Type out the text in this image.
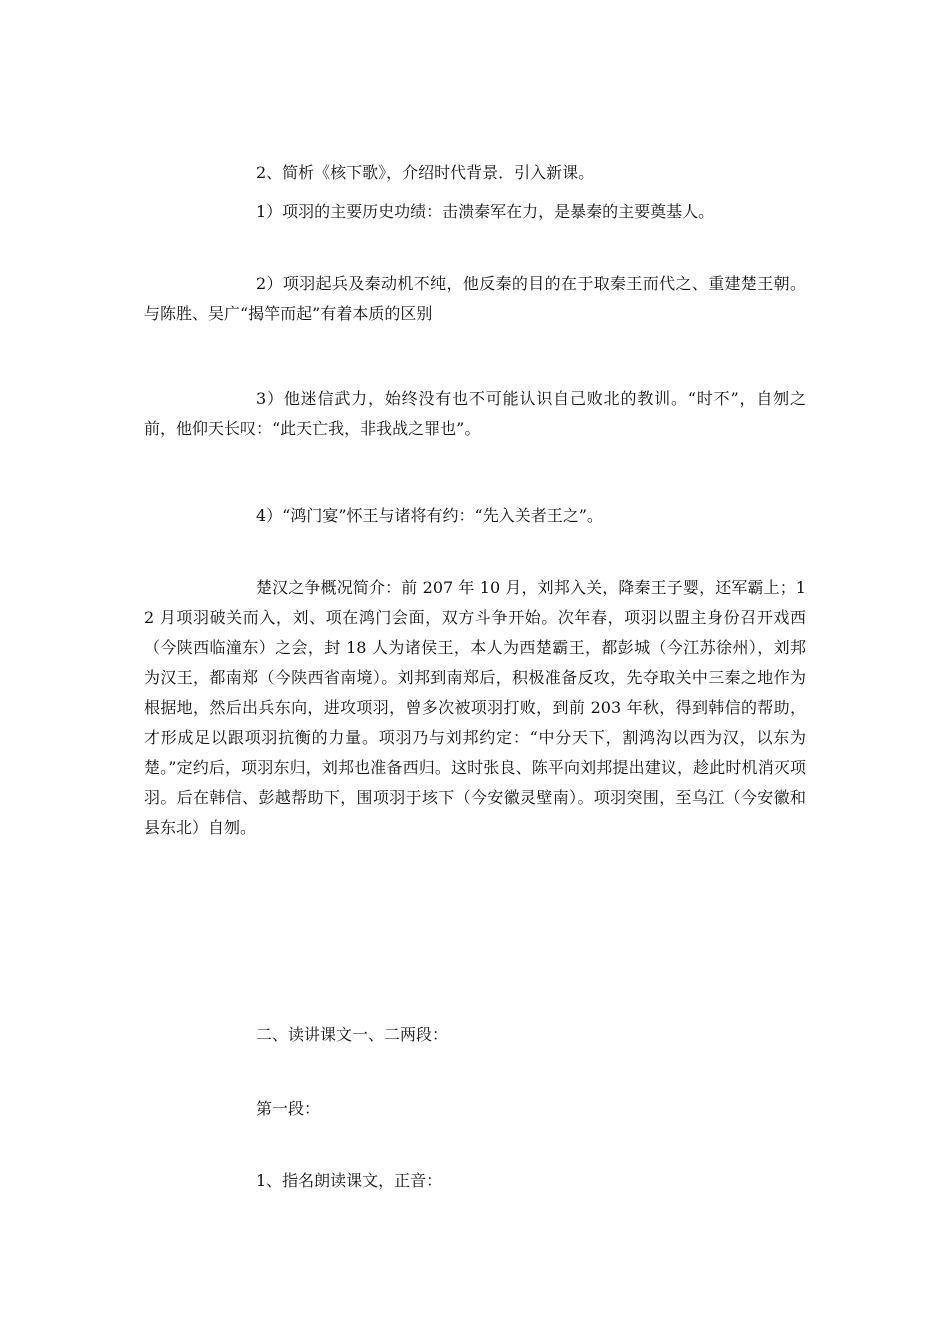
2、简析《核下歌》，介绍时代背景．引入新课。

1）项羽的主要历史功绩：击溃秦军在力，是暴秦的主要奠基人。

2）项羽起兵及秦动机不纯，他反秦的目的在于取秦王而代之、重建楚王朝。与陈胜、吴广“揭竿而起”有着本质的区别

3）他迷信武力，始终没有也不可能认识自己败北的教训。“时不”，自刎之前，他仰天长叹：“此天亡我，非我战之罪也”。

4）“鸿门宴”怀王与诸将有约：“先入关者王之”。

楚汉之争概况简介：前 207 年 10 月，刘邦入关，降秦王子婴，还军霸上；12 月项羽破关而入，刘、项在鸿门会面，双方斗争开始。次年春，项羽以盟主身份召开戏西（今陕西临潼东）之会，封 18 人为诸侯王，本人为西楚霸王，都彭城（今江苏徐州），刘邦为汉王，都南郑（今陕西省南境）。刘邦到南郑后，积极准备反攻，先夺取关中三秦之地作为根据地，然后出兵东向，进攻项羽，曾多次被项羽打败，到前 203 年秋，得到韩信的帮助，才形成足以跟项羽抗衡的力量。项羽乃与刘邦约定：“中分天下，割鸿沟以西为汉，以东为楚。”定约后，项羽东归，刘邦也准备西归。这时张良、陈平向刘邦提出建议，趁此时机消灭项羽。后在韩信、彭越帮助下，围项羽于垓下（今安徽灵壁南）。项羽突围，至乌江（今安徽和县东北）自刎。

二、读讲课文一、二两段：

第一段：

1、指名朗读课文，正音：
